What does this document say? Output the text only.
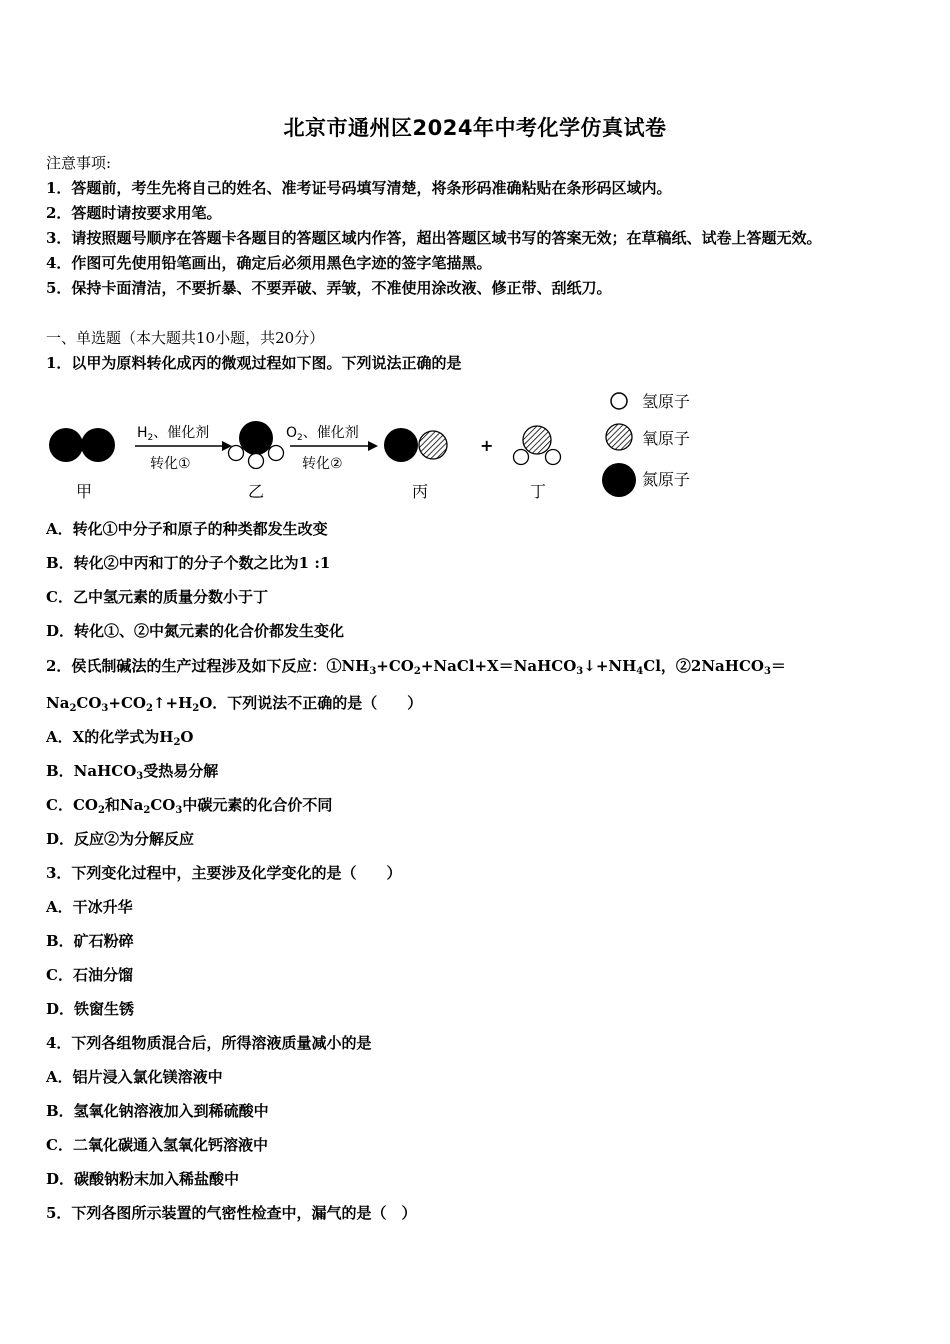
北京市通州区2024年中考化学仿真试卷
注意事项:
1．答题前，考生先将自己的姓名、准考证号码填写清楚，将条形码准确粘贴在条形码区域内。
2．答题时请按要求用笔。
3．请按照题号顺序在答题卡各题目的答题区域内作答，超出答题区域书写的答案无效；在草稿纸、试卷上答题无效。
4．作图可先使用铅笔画出，确定后必须用黑色字迹的签字笔描黑。
5．保持卡面清洁，不要折暴、不要弄破、弄皱，不准使用涂改液、修正带、刮纸刀。
一、单选题（本大题共10小题，共20分）
1．以甲为原料转化成丙的微观过程如下图。下列说法正确的是
$H_2$、催化剂
转化①
$O_2$、催化剂
转化②
+
甲	乙	丙	丁
氢原子
氧原子
氮原子
A．转化①中分子和原子的种类都发生改变
B．转化②中丙和丁的分子个数之比为1 :1
C．乙中氢元素的质量分数小于丁
D．转化①、②中氮元素的化合价都发生变化
2．侯氏制碱法的生产过程涉及如下反应：$①NH_3+CO_2+NaCl+X=NaHCO_3↓+NH_4Cl$，②2NaHCO$_3$＝
$Na_2CO_3+CO_2↑+H_2O$．下列说法不正确的是（　　）
A．X的化学式为$H_2O$
B．NaHCO$_3$受热易分解
C．$CO_2$和$Na_2CO_3$中碳元素的化合价不同
D．反应②为分解反应
3．下列变化过程中，主要涉及化学变化的是（　　）
A．干冰升华
B．矿石粉碎
C．石油分馏
D．铁窗生锈
4．下列各组物质混合后，所得溶液质量减小的是
A．铝片浸入氯化镁溶液中
B．氢氧化钠溶液加入到稀硫酸中
C．二氧化碳通入氢氧化钙溶液中
D．碳酸钠粉末加入稀盐酸中
5．下列各图所示装置的气密性检查中，漏气的是（　）
